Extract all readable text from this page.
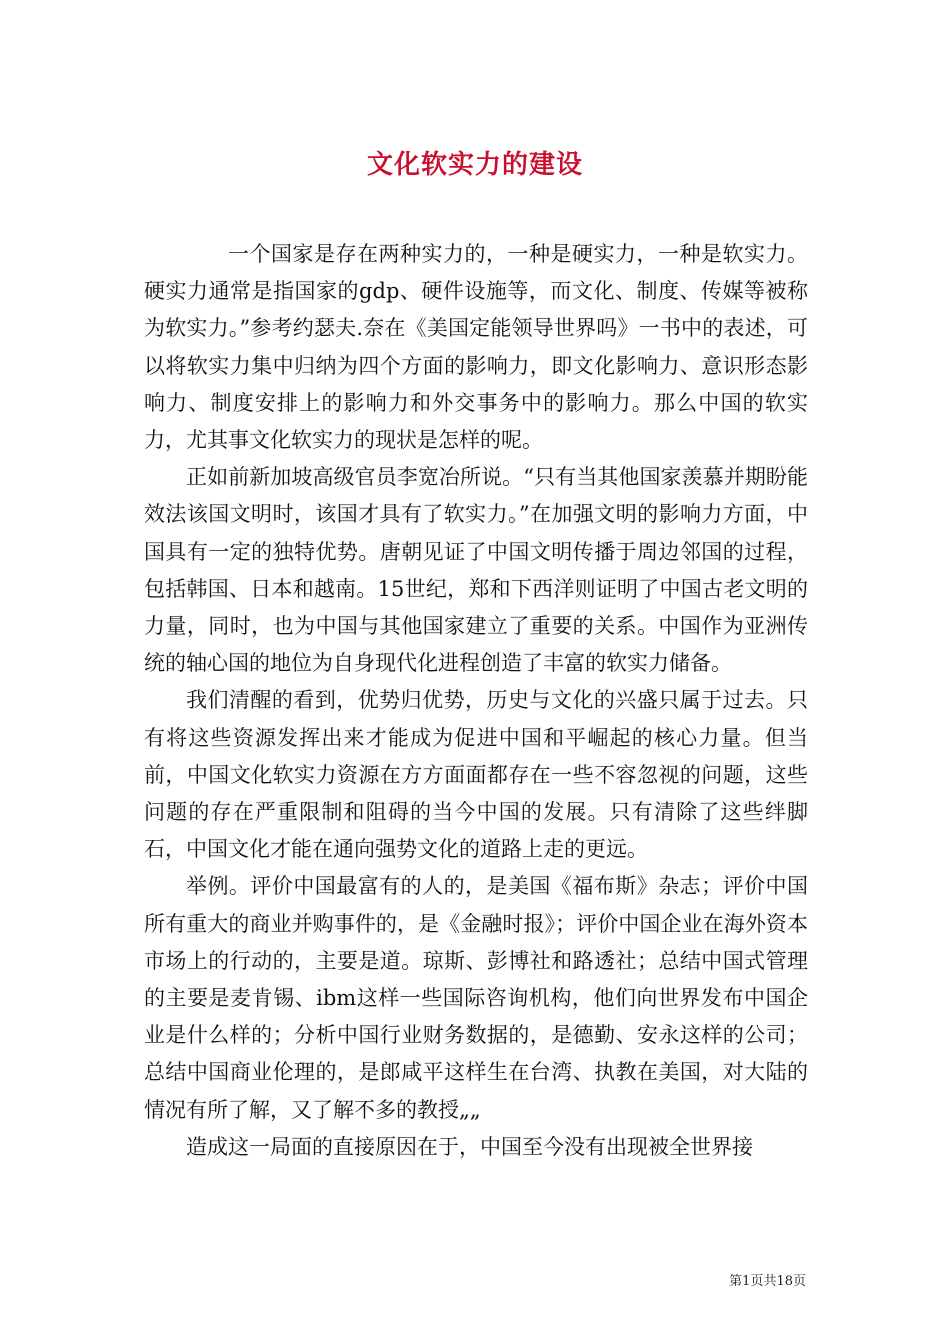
文化软实力的建设

一个国家是存在两种实力的，一种是硬实力，一种是软实力。硬实力通常是指国家的gdp、硬件设施等，而文化、制度、传媒等被称为软实力。”参考约瑟夫.奈在《美国定能领导世界吗》一书中的表述，可以将软实力集中归纳为四个方面的影响力，即文化影响力、意识形态影响力、制度安排上的影响力和外交事务中的影响力。那么中国的软实力，尤其事文化软实力的现状是怎样的呢。

正如前新加坡高级官员李宽冶所说。“只有当其他国家羡慕并期盼能效法该国文明时，该国才具有了软实力。”在加强文明的影响力方面，中国具有一定的独特优势。唐朝见证了中国文明传播于周边邻国的过程，包括韩国、日本和越南。15世纪，郑和下西洋则证明了中国古老文明的力量，同时，也为中国与其他国家建立了重要的关系。中国作为亚洲传统的轴心国的地位为自身现代化进程创造了丰富的软实力储备。

我们清醒的看到，优势归优势，历史与文化的兴盛只属于过去。只有将这些资源发挥出来才能成为促进中国和平崛起的核心力量。但当前，中国文化软实力资源在方方面面都存在一些不容忽视的问题，这些问题的存在严重限制和阻碍的当今中国的发展。只有清除了这些绊脚石，中国文化才能在通向强势文化的道路上走的更远。

举例。评价中国最富有的人的，是美国《福布斯》杂志；评价中国所有重大的商业并购事件的，是《金融时报》；评价中国企业在海外资本市场上的行动的，主要是道。琼斯、彭博社和路透社；总结中国式管理的主要是麦肯锡、ibm这样一些国际咨询机构，他们向世界发布中国企业是什么样的；分析中国行业财务数据的，是德勤、安永这样的公司；总结中国商业伦理的，是郎咸平这样生在台湾、执教在美国，对大陆的情况有所了解，又了解不多的教授„„

造成这一局面的直接原因在于，中国至今没有出现被全世界接

第1页共18页
